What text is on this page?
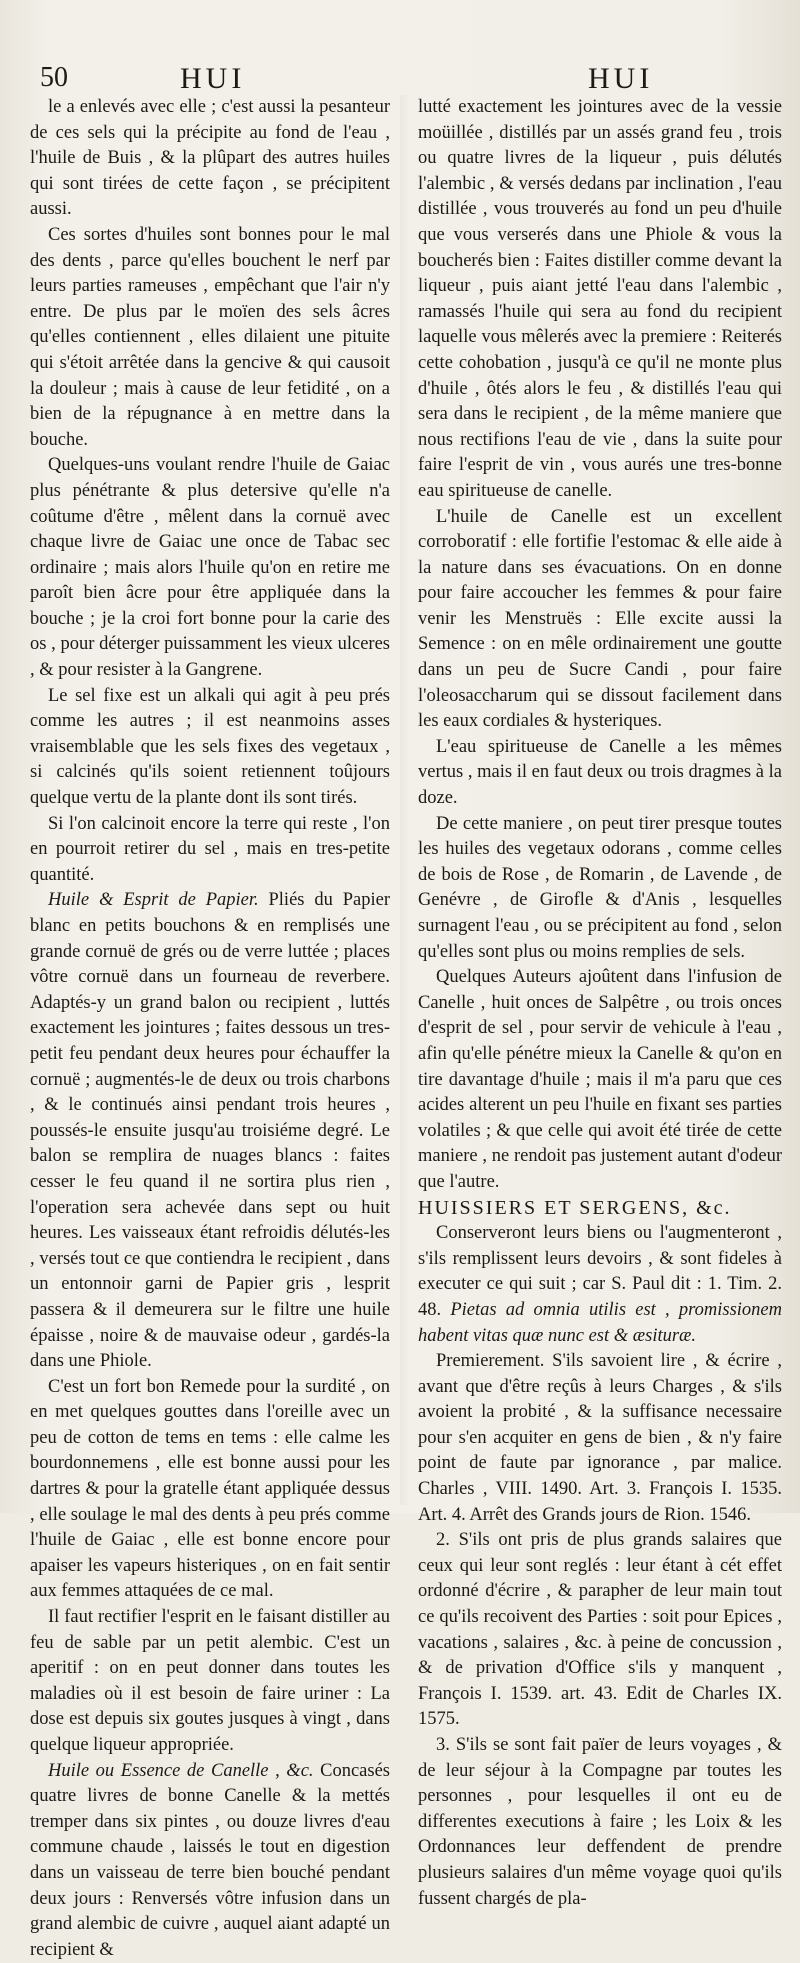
50	HUI	HUI

le a enlevés avec elle ; c'est aussi la pesanteur de ces sels qui la précipite au fond de l'eau , l'huile de Buis , & la plûpart des autres huiles qui sont tirées de cette façon , se précipitent aussi.

Ces sortes d'huiles sont bonnes pour le mal des dents , parce qu'elles bouchent le nerf par leurs parties rameuses , empêchant que l'air n'y entre. De plus par le moïen des sels âcres qu'elles contiennent , elles dilaient une pituite qui s'étoit arrêtée dans la gencive & qui causoit la douleur ; mais à cause de leur fetidité , on a bien de la répugnance à en mettre dans la bouche.

Quelques-uns voulant rendre l'huile de Gaiac plus pénétrante & plus detersive qu'elle n'a coûtume d'être , mêlent dans la cornuë avec chaque livre de Gaiac une once de Tabac sec ordinaire ; mais alors l'huile qu'on en retire me paroît bien âcre pour être appliquée dans la bouche ; je la croi fort bonne pour la carie des os , pour déterger puissamment les vieux ulceres , & pour resister à la Gangrene.

Le sel fixe est un alkali qui agit à peu prés comme les autres ; il est neanmoins asses vraisemblable que les sels fixes des vegetaux , si calcinés qu'ils soient retiennent toûjours quelque vertu de la plante dont ils sont tirés.

Si l'on calcinoit encore la terre qui reste , l'on en pourroit retirer du sel , mais en tres-petite quantité.

Huile & Esprit de Papier. Pliés du Papier blanc en petits bouchons & en remplisés une grande cornuë de grés ou de verre luttée ; places vôtre cornuë dans un fourneau de reverbere. Adaptés-y un grand balon ou recipient , luttés exactement les jointures ; faites dessous un tres-petit feu pendant deux heures pour échauffer la cornuë ; augmentés-le de deux ou trois charbons , & le continués ainsi pendant trois heures , poussés-le ensuite jusqu'au troisiéme degré. Le balon se remplira de nuages blancs : faites cesser le feu quand il ne sortira plus rien , l'operation sera achevée dans sept ou huit heures. Les vaisseaux étant refroidis délutés-les , versés tout ce que contiendra le recipient , dans un entonnoir garni de Papier gris , lesprit passera & il demeurera sur le filtre une huile épaisse , noire & de mauvaise odeur , gardés-la dans une Phiole.

C'est un fort bon Remede pour la surdité , on en met quelques gouttes dans l'oreille avec un peu de cotton de tems en tems : elle calme les bourdonnemens , elle est bonne aussi pour les dartres & pour la gratelle étant appliquée dessus , elle soulage le mal des dents à peu prés comme l'huile de Gaiac , elle est bonne encore pour apaiser les vapeurs histeriques , on en fait sentir aux femmes attaquées de ce mal.

Il faut rectifier l'esprit en le faisant distiller au feu de sable par un petit alembic. C'est un aperitif : on en peut donner dans toutes les maladies où il est besoin de faire uriner : La dose est depuis six goutes jusques à vingt , dans quelque liqueur appropriée.

Huile ou Essence de Canelle , &c. Concasés quatre livres de bonne Canelle & la mettés tremper dans six pintes , ou douze livres d'eau commune chaude , laissés le tout en digestion dans un vaisseau de terre bien bouché pendant deux jours : Renversés vôtre infusion dans un grand alembic de cuivre , auquel aiant adapté un recipient &

lutté exactement les jointures avec de la vessie moüillée , distillés par un assés grand feu , trois ou quatre livres de la liqueur , puis délutés l'alembic , & versés dedans par inclination , l'eau distillée , vous trouverés au fond un peu d'huile que vous verserés dans une Phiole & vous la boucherés bien : Faites distiller comme devant la liqueur , puis aiant jetté l'eau dans l'alembic , ramassés l'huile qui sera au fond du recipient laquelle vous mêlerés avec la premiere : Reiterés cette cohobation , jusqu'à ce qu'il ne monte plus d'huile , ôtés alors le feu , & distillés l'eau qui sera dans le recipient , de la même maniere que nous rectifions l'eau de vie , dans la suite pour faire l'esprit de vin , vous aurés une tres-bonne eau spiritueuse de canelle.

L'huile de Canelle est un excellent corroboratif : elle fortifie l'estomac & elle aide à la nature dans ses évacuations. On en donne pour faire accoucher les femmes & pour faire venir les Menstruës : Elle excite aussi la Semence : on en mêle ordinairement une goutte dans un peu de Sucre Candi , pour faire l'oleosaccharum qui se dissout facilement dans les eaux cordiales & hysteriques.

L'eau spiritueuse de Canelle a les mêmes vertus , mais il en faut deux ou trois dragmes à la doze.

De cette maniere , on peut tirer presque toutes les huiles des vegetaux odorans , comme celles de bois de Rose , de Romarin , de Lavende , de Genévre , de Girofle & d'Anis , lesquelles surnagent l'eau , ou se précipitent au fond , selon qu'elles sont plus ou moins remplies de sels.

Quelques Auteurs ajoûtent dans l'infusion de Canelle , huit onces de Salpêtre , ou trois onces d'esprit de sel , pour servir de vehicule à l'eau , afin qu'elle pénétre mieux la Canelle & qu'on en tire davantage d'huile ; mais il m'a paru que ces acides alterent un peu l'huile en fixant ses parties volatiles ; & que celle qui avoit été tirée de cette maniere , ne rendoit pas justement autant d'odeur que l'autre.

HUISSIERS ET SERGENS, &c.

Conserveront leurs biens ou l'augmenteront , s'ils remplissent leurs devoirs , & sont fideles à executer ce qui suit ; car S. Paul dit : 1. Tim. 2. 48. Pietas ad omnia utilis est , promissionem habent vitas quæ nunc est & æsituræ.

Premierement. S'ils savoient lire , & écrire , avant que d'être reçûs à leurs Charges , & s'ils avoient la probité , & la suffisance necessaire pour s'en acquiter en gens de bien , & n'y faire point de faute par ignorance , par malice. Charles , VIII. 1490. Art. 3. François I. 1535. Art. 4. Arrêt des Grands jours de Rion. 1546.

2. S'ils ont pris de plus grands salaires que ceux qui leur sont reglés : leur étant à cét effet ordonné d'écrire , & parapher de leur main tout ce qu'ils recoivent des Parties : soit pour Epices , vacations , salaires , &c. à peine de concussion , & de privation d'Office s'ils y manquent , François I. 1539. art. 43. Edit de Charles IX. 1575.

3. S'ils se sont fait païer de leurs voyages , & de leur séjour à la Compagne par toutes les personnes , pour lesquelles il ont eu de differentes executions à faire ; les Loix & les Ordonnances leur deffendent de prendre plusieurs salaires d'un même voyage quoi qu'ils fussent chargés de pla-
